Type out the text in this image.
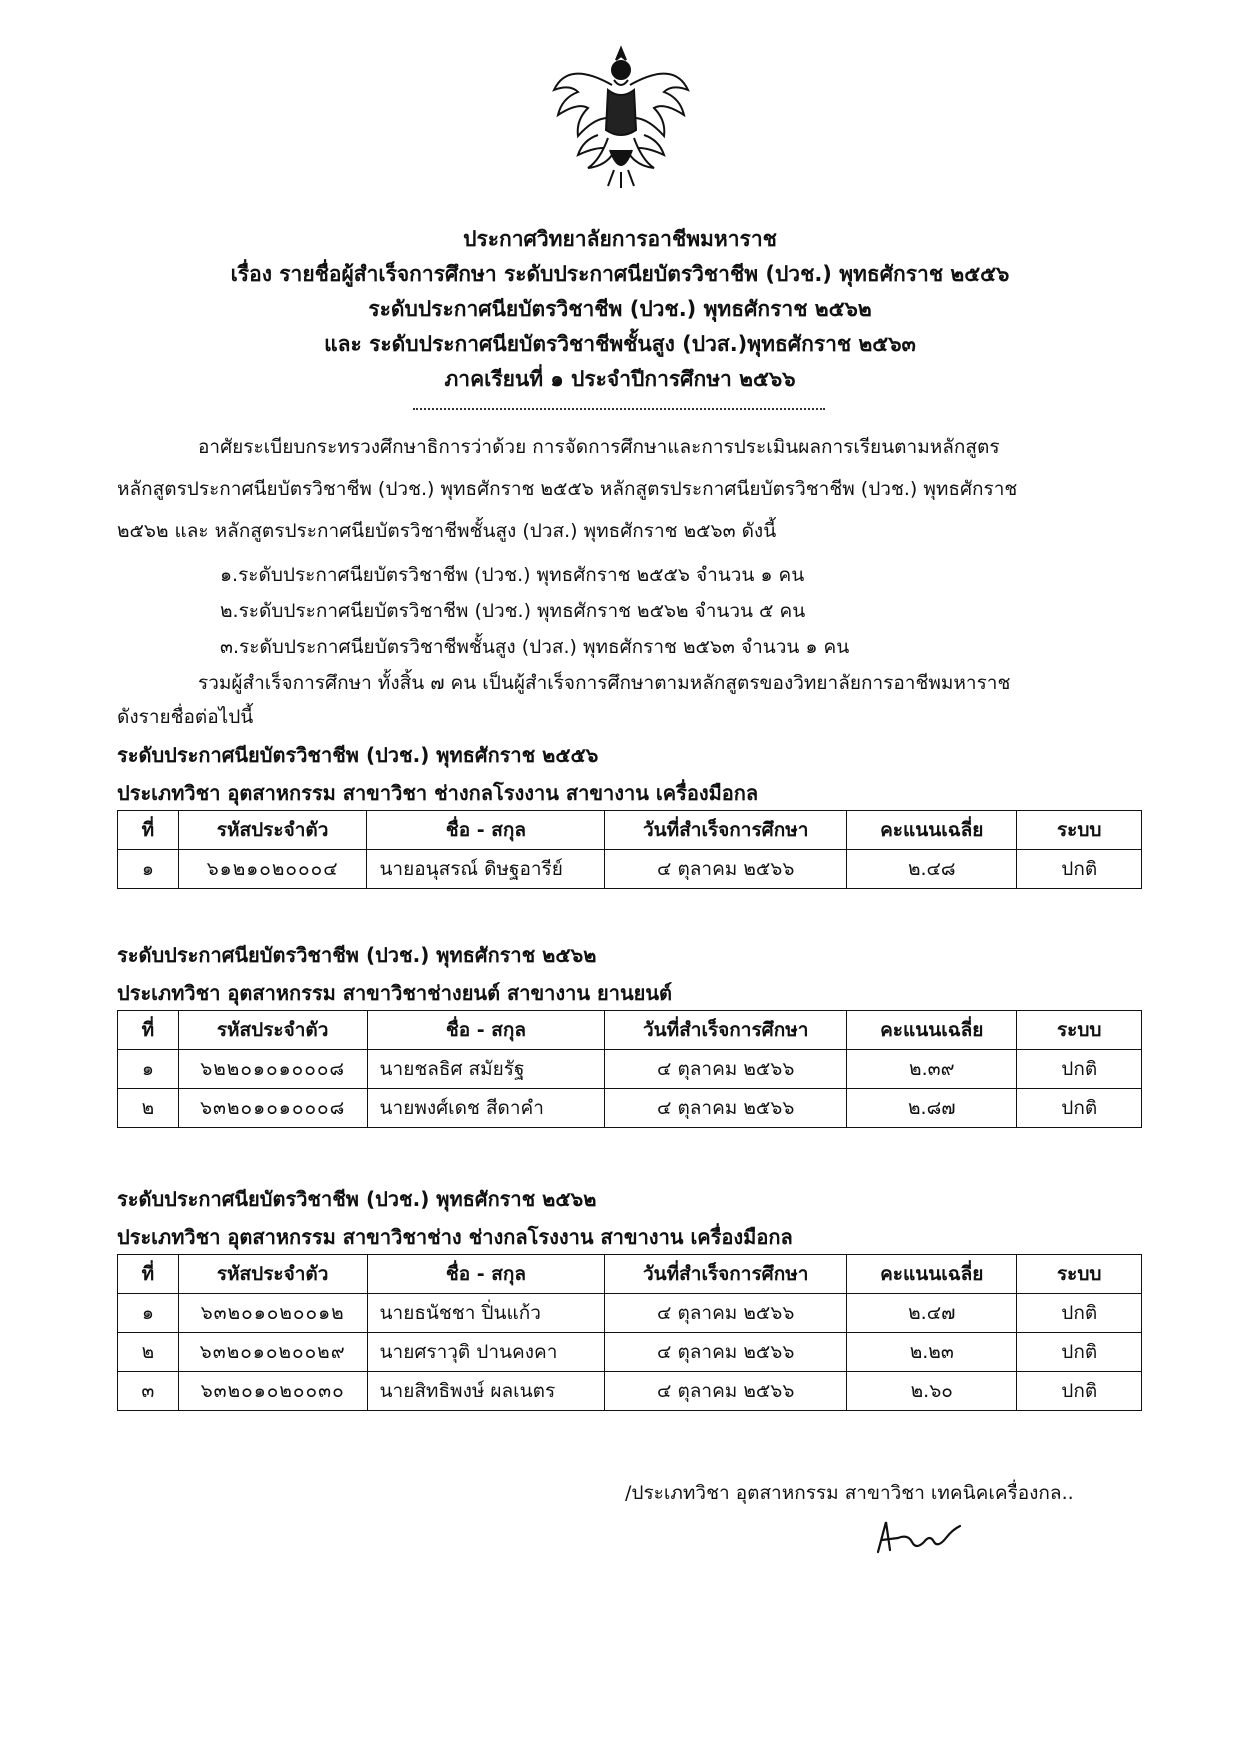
ประกาศวิทยาลัยการอาชีพมหาราช
เรื่อง รายชื่อผู้สำเร็จการศึกษา ระดับประกาศนียบัตรวิชาชีพ (ปวช.) พุทธศักราช ๒๕๕๖
ระดับประกาศนียบัตรวิชาชีพ (ปวช.) พุทธศักราช ๒๕๖๒
และ ระดับประกาศนียบัตรวิชาชีพชั้นสูง (ปวส.)พุทธศักราช ๒๕๖๓
ภาคเรียนที่ ๑ ประจำปีการศึกษา ๒๕๖๖
อาศัยระเบียบกระทรวงศึกษาธิการว่าด้วย การจัดการศึกษาและการประเมินผลการเรียนตามหลักสูตร
หลักสูตรประกาศนียบัตรวิชาชีพ (ปวช.) พุทธศักราช ๒๕๕๖ หลักสูตรประกาศนียบัตรวิชาชีพ (ปวช.) พุทธศักราช
๒๕๖๒ และ หลักสูตรประกาศนียบัตรวิชาชีพชั้นสูง (ปวส.) พุทธศักราช ๒๕๖๓ ดังนี้
๑.ระดับประกาศนียบัตรวิชาชีพ (ปวช.) พุทธศักราช ๒๕๕๖ จำนวน ๑ คน
๒.ระดับประกาศนียบัตรวิชาชีพ (ปวช.) พุทธศักราช ๒๕๖๒ จำนวน ๕ คน
๓.ระดับประกาศนียบัตรวิชาชีพชั้นสูง (ปวส.) พุทธศักราช ๒๕๖๓ จำนวน ๑ คน
รวมผู้สำเร็จการศึกษา ทั้งสิ้น ๗ คน เป็นผู้สำเร็จการศึกษาตามหลักสูตรของวิทยาลัยการอาชีพมหาราช
ดังรายชื่อต่อไปนี้
ระดับประกาศนียบัตรวิชาชีพ (ปวช.) พุทธศักราช ๒๕๕๖
ประเภทวิชา อุตสาหกรรม สาขาวิชา ช่างกลโรงงาน สาขางาน เครื่องมือกล
ที่	รหัสประจำตัว	ชื่อ - สกุล	วันที่สำเร็จการศึกษา	คะแนนเฉลี่ย	ระบบ
๑	๖๑๒๑๐๒๐๐๐๔	นายอนุสรณ์ ดิษฐอารีย์	๔ ตุลาคม ๒๕๖๖	๒.๔๘	ปกติ
ระดับประกาศนียบัตรวิชาชีพ (ปวช.) พุทธศักราช ๒๕๖๒
ประเภทวิชา อุตสาหกรรม สาขาวิชาช่างยนต์ สาขางาน ยานยนต์
ที่	รหัสประจำตัว	ชื่อ - สกุล	วันที่สำเร็จการศึกษา	คะแนนเฉลี่ย	ระบบ
๑	๖๒๒๐๑๐๑๐๐๐๘	นายชลธิศ สมัยรัฐ	๔ ตุลาคม ๒๕๖๖	๒.๓๙	ปกติ
๒	๖๓๒๐๑๐๑๐๐๐๘	นายพงศ์เดช สีดาคำ	๔ ตุลาคม ๒๕๖๖	๒.๘๗	ปกติ
ระดับประกาศนียบัตรวิชาชีพ (ปวช.) พุทธศักราช ๒๕๖๒
ประเภทวิชา อุตสาหกรรม สาขาวิชาช่าง ช่างกลโรงงาน สาขางาน เครื่องมือกล
ที่	รหัสประจำตัว	ชื่อ - สกุล	วันที่สำเร็จการศึกษา	คะแนนเฉลี่ย	ระบบ
๑	๖๓๒๐๑๐๒๐๐๑๒	นายธนัชชา ปิ่นแก้ว	๔ ตุลาคม ๒๕๖๖	๒.๔๗	ปกติ
๒	๖๓๒๐๑๐๒๐๐๒๙	นายศราวุติ ปานคงคา	๔ ตุลาคม ๒๕๖๖	๒.๒๓	ปกติ
๓	๖๓๒๐๑๐๒๐๐๓๐	นายสิทธิพงษ์ ผลเนตร	๔ ตุลาคม ๒๕๖๖	๒.๖๐	ปกติ
/ประเภทวิชา อุตสาหกรรม สาขาวิชา เทคนิคเครื่องกล..
